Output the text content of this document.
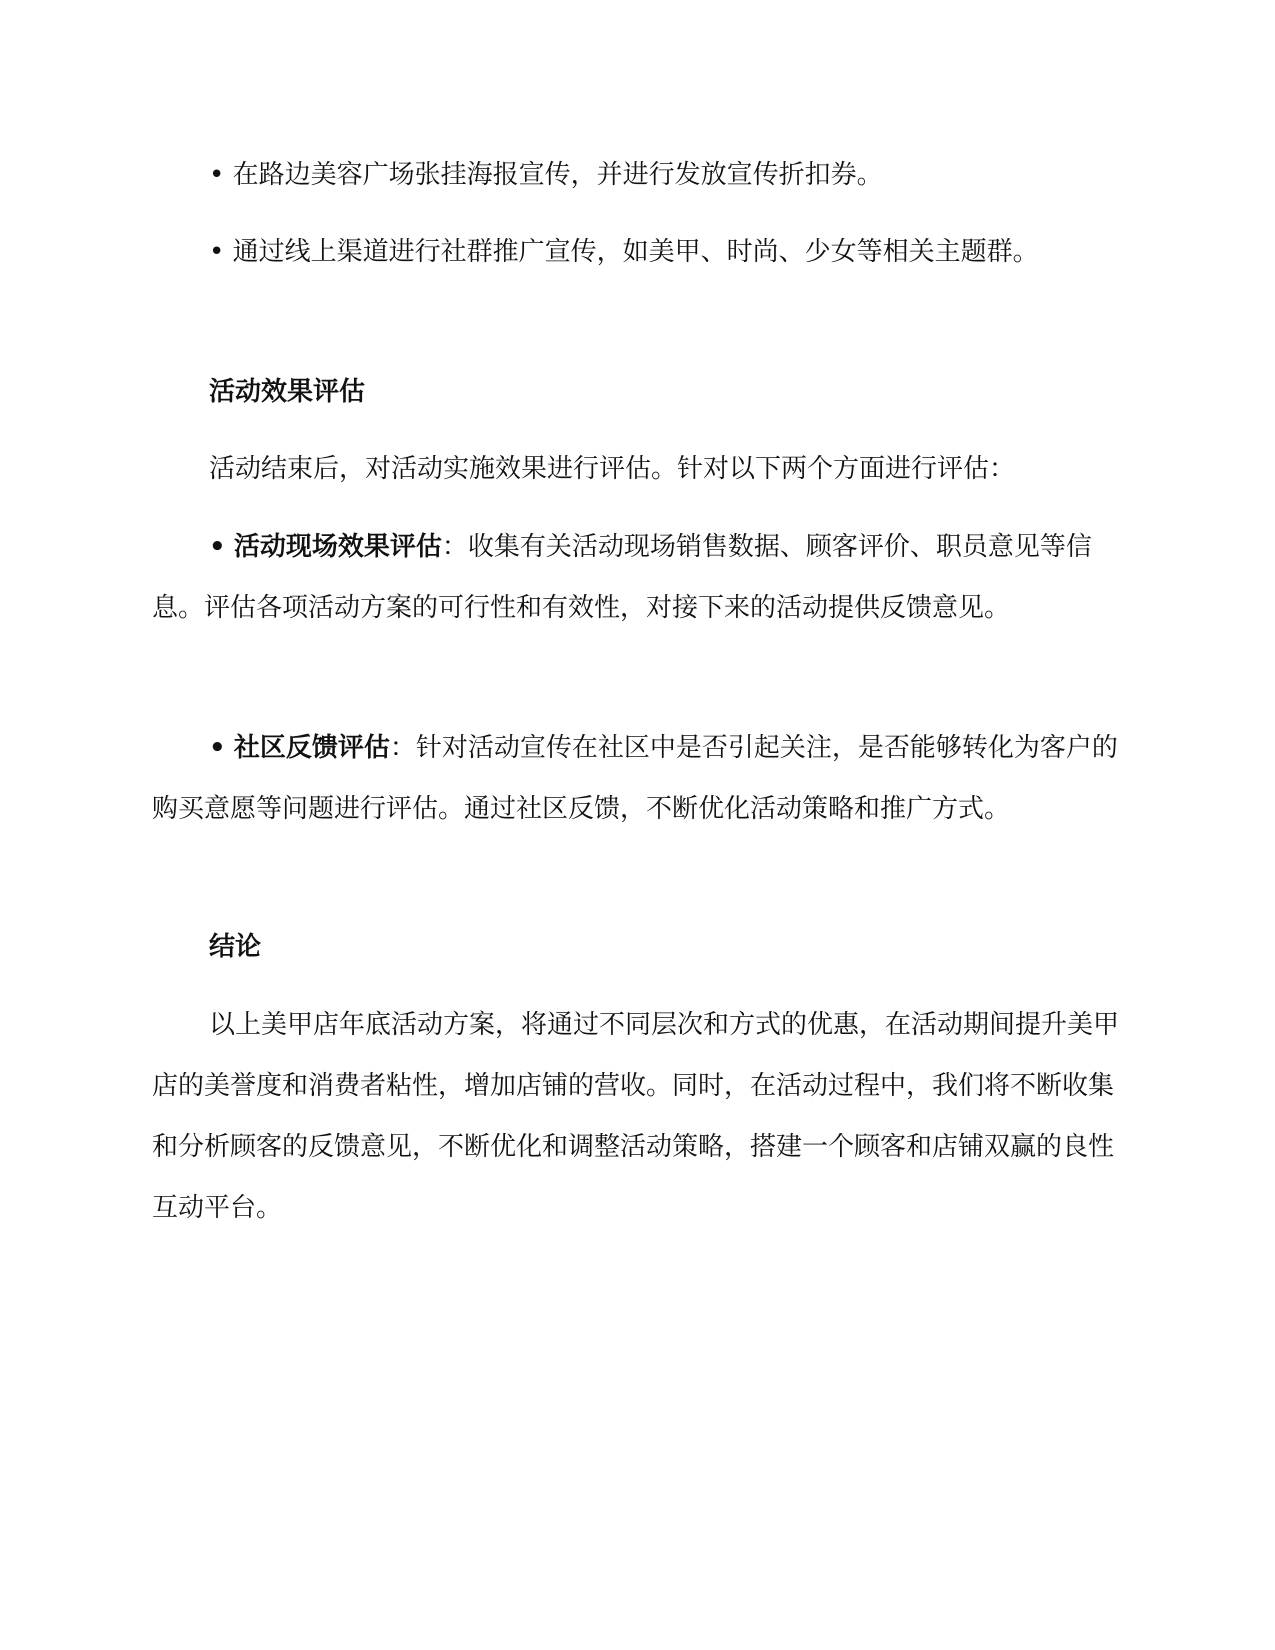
• 在路边美容广场张挂海报宣传，并进行发放宣传折扣券。

• 通过线上渠道进行社群推广宣传，如美甲、时尚、少女等相关主题群。

活动效果评估

活动结束后，对活动实施效果进行评估。针对以下两个方面进行评估：

• 活动现场效果评估：收集有关活动现场销售数据、顾客评价、职员意见等信息。评估各项活动方案的可行性和有效性，对接下来的活动提供反馈意见。

• 社区反馈评估：针对活动宣传在社区中是否引起关注，是否能够转化为客户的购买意愿等问题进行评估。通过社区反馈，不断优化活动策略和推广方式。

结论

以上美甲店年底活动方案，将通过不同层次和方式的优惠，在活动期间提升美甲店的美誉度和消费者粘性，增加店铺的营收。同时，在活动过程中，我们将不断收集和分析顾客的反馈意见，不断优化和调整活动策略，搭建一个顾客和店铺双赢的良性互动平台。
